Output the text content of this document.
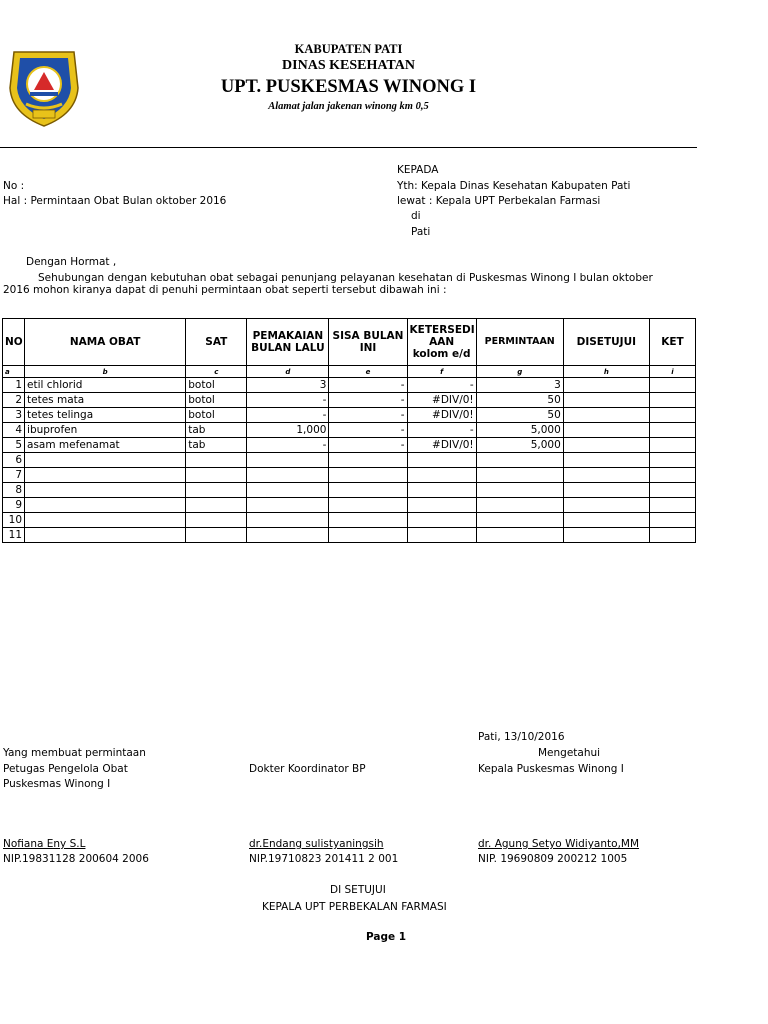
KABUPATEN PATI
DINAS KESEHATAN
UPT. PUSKESMAS WINONG I
Alamat jalan jakenan winong km 0,5
KEPADA
No :	Yth: Kepala Dinas Kesehatan Kabupaten Pati
Hal : Permintaan Obat Bulan oktober 2016	lewat : Kepala UPT Perbekalan Farmasi
di
Pati
Dengan Hormat ,
Sehubungan dengan kebutuhan obat sebagai penunjang pelayanan kesehatan di Puskesmas Winong I bulan oktober
2016 mohon kiranya dapat di penuhi permintaan obat seperti tersebut dibawah ini :
NO	NAMA OBAT	SAT	PEMAKAIAN BULAN LALU	SISA BULAN INI	KETERSEDI AAN kolom e/d	PERMINTAAN	DISETUJUI	KET
a	b	c	d	e	f	g	h	i
1	etil chlorid	botol	3	-	-	3		
2	tetes mata	botol	-	-	#DIV/0!	50		
3	tetes telinga	botol	-	-	#DIV/0!	50		
4	ibuprofen	tab	1,000	-	-	5,000		
5	asam mefenamat	tab	-	-	#DIV/0!	5,000		
6								
7								
8								
9								
10								
11								
Pati, 13/10/2016
Mengetahui
Yang membuat permintaan
Petugas Pengelola Obat	Dokter Koordinator BP	Kepala Puskesmas Winong I
Puskesmas Winong I
Nofiana Eny S.L	dr.Endang sulistyaningsih	dr. Agung Setyo Widiyanto,MM
NIP.19831128 200604 2006	NIP.19710823 201411 2 001	NIP. 19690809 200212 1005
DI SETUJUI
KEPALA UPT PERBEKALAN FARMASI
Page 1
